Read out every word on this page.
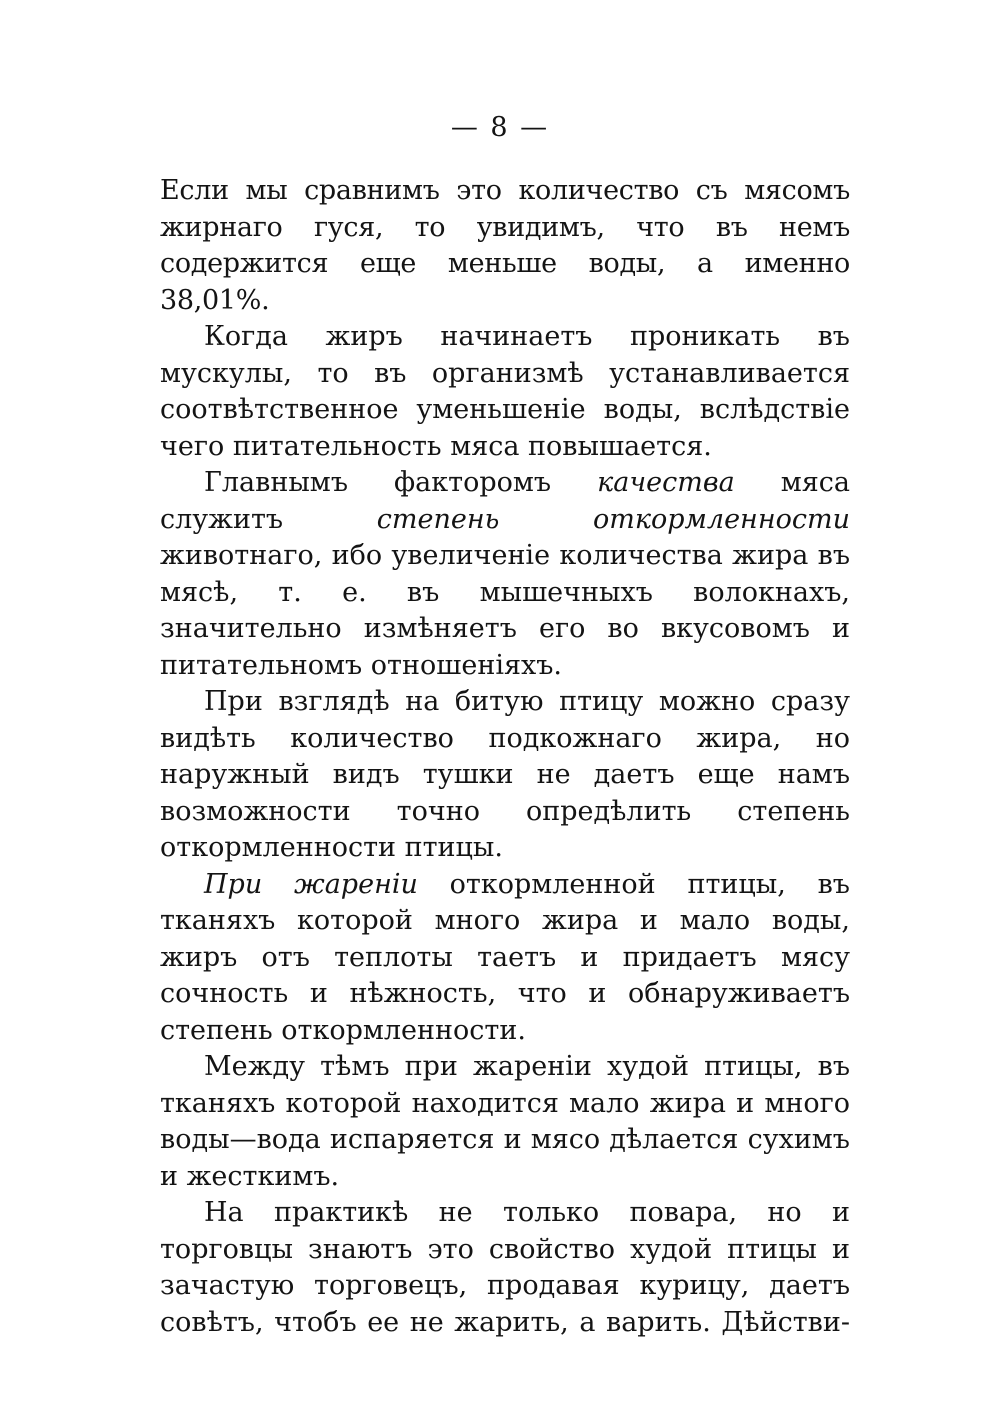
— 8 —

Если мы сравнимъ это количество съ мясомъ жирнаго гуся, то увидимъ, что въ немъ содержится еще меньше воды, а именно 38,01%.

Когда жиръ начинаетъ проникать въ мускулы, то въ организмѣ устанавливается соотвѣтственное уменьшенiе воды, вслѣдствiе чего питательность мяса повышается.

Главнымъ факторомъ качества мяса служитъ степень откормленности животнаго, ибо увеличенiе количества жира въ мясѣ, т. е. въ мышечныхъ волокнахъ, значительно измѣняетъ его во вкусовомъ и питательномъ отношенiяхъ.

При взглядѣ на битую птицу можно сразу видѣть количество подкожнаго жира, но наружный видъ тушки не даетъ еще намъ возможности точно опредѣлить степень откормленности птицы.

При жаренiи откормленной птицы, въ тканяхъ которой много жира и мало воды, жиръ отъ теплоты таетъ и придаетъ мясу сочность и нѣжность, что и обнаруживаетъ степень откормленности.

Между тѣмъ при жаренiи худой птицы, въ тканяхъ которой находится мало жира и много воды—вода испаряется и мясо дѣлается сухимъ и жесткимъ.

На практикѣ не только повара, но и торговцы знаютъ это свойство худой птицы и зачастую торговецъ, продавая курицу, даетъ совѣтъ, чтобъ ее не жарить, а варить. Дѣйстви-
